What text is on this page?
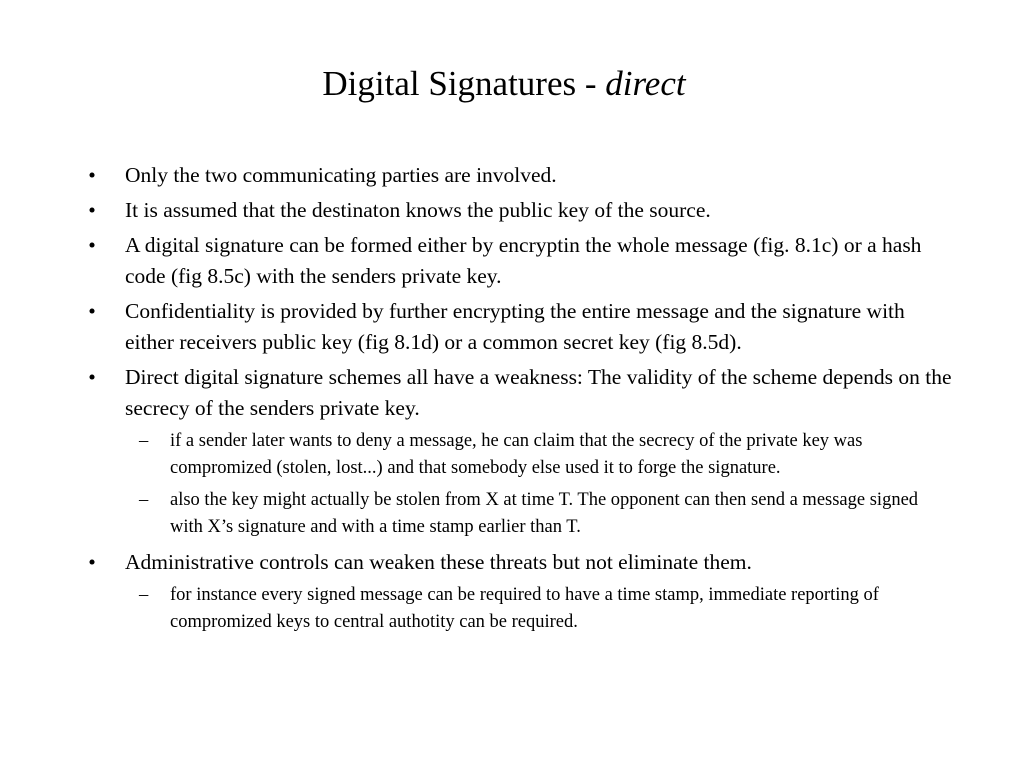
Digital Signatures - direct
• Only the two communicating parties are involved.
• It is assumed that the destinaton knows the public key of the source.
• A digital signature can be formed either by encryptin the whole message (fig. 8.1c) or a hash code (fig 8.5c) with the senders private key.
• Confidentiality is provided by further encrypting the entire message and the signature with either receivers public key (fig 8.1d) or a common secret key (fig 8.5d).
• Direct digital signature schemes all have a weakness: The validity of the scheme depends on the secrecy of the senders private key.
– if a sender later wants to deny a message, he can claim that the secrecy of the private key was compromized (stolen, lost...) and that somebody else used it to forge the signature.
– also the key might actually be stolen from X at time T. The opponent can then send a message signed with X’s signature and with a time stamp earlier than T.
• Administrative controls can weaken these threats but not eliminate them.
– for instance every signed message can be required to have a time stamp, immediate reporting of compromized keys to central authotity can be required.
